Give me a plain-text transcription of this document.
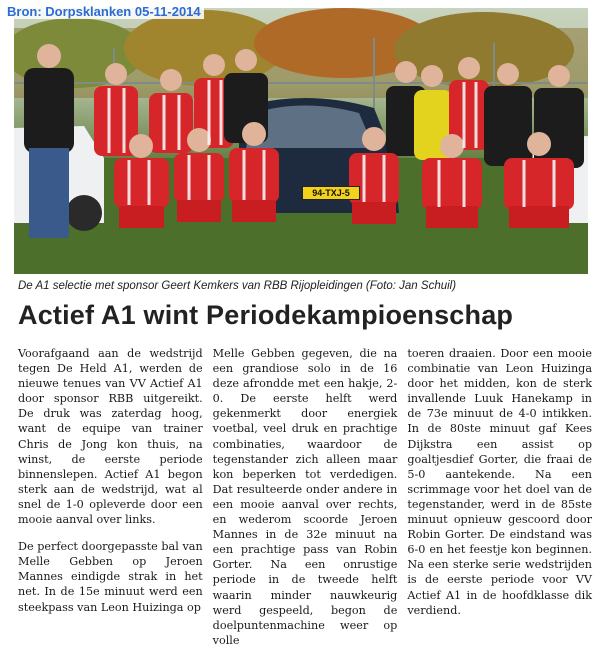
Bron: Dorpsklanken 05-11-2014
94-TXJ-5
De A1 selectie met sponsor Geert Kemkers van RBB Rijopleidingen (Foto: Jan Schuil)
Actief A1 wint Periodekampioenschap

Voorafgaand aan de wedstrijd tegen De Held A1, werden de nieuwe tenues van VV Actief A1 door sponsor RBB uitgereikt. De druk was zaterdag hoog, want de equipe van trainer Chris de Jong kon thuis, na winst, de eerste periode binnenslepen. Actief A1 begon sterk aan de wedstrijd, wat al snel de 1-0 opleverde door een mooie aanval over links.

De perfect doorgepasste bal van Melle Gebben op Jeroen Mannes eindigde strak in het net. In de 15e minuut werd een steekpass van Leon Huizinga op

Melle Gebben gegeven, die na een grandiose solo in de 16 deze afrondde met een hakje, 2-0. De eerste helft werd gekenmerkt door energiek voetbal, veel druk en prachtige combinaties, waardoor de tegenstander zich alleen maar kon beperken tot verdedigen. Dat resulteerde onder andere in een mooie aanval over rechts, en wederom scoorde Jeroen Mannes in de 32e minuut na een prachtige pass van Robin Gorter. Na een onrustige periode in de tweede helft waarin minder nauwkeurig werd gespeeld, begon de doelpuntenmachine weer op volle

toeren draaien. Door een mooie combinatie van Leon Huizinga door het midden, kon de sterk invallende Luuk Hanekamp in de 73e minuut de 4-0 intikken. In de 80ste minuut gaf Kees Dijkstra een assist op goaltjesdief Gorter, die fraai de 5-0 aantekende. Na een scrimmage voor het doel van de tegenstander, werd in de 85ste minuut opnieuw gescoord door Robin Gorter. De eindstand was 6-0 en het feestje kon beginnen. Na een sterke serie wedstrijden is de eerste periode voor VV Actief A1 in de hoofdklasse dik verdiend.
